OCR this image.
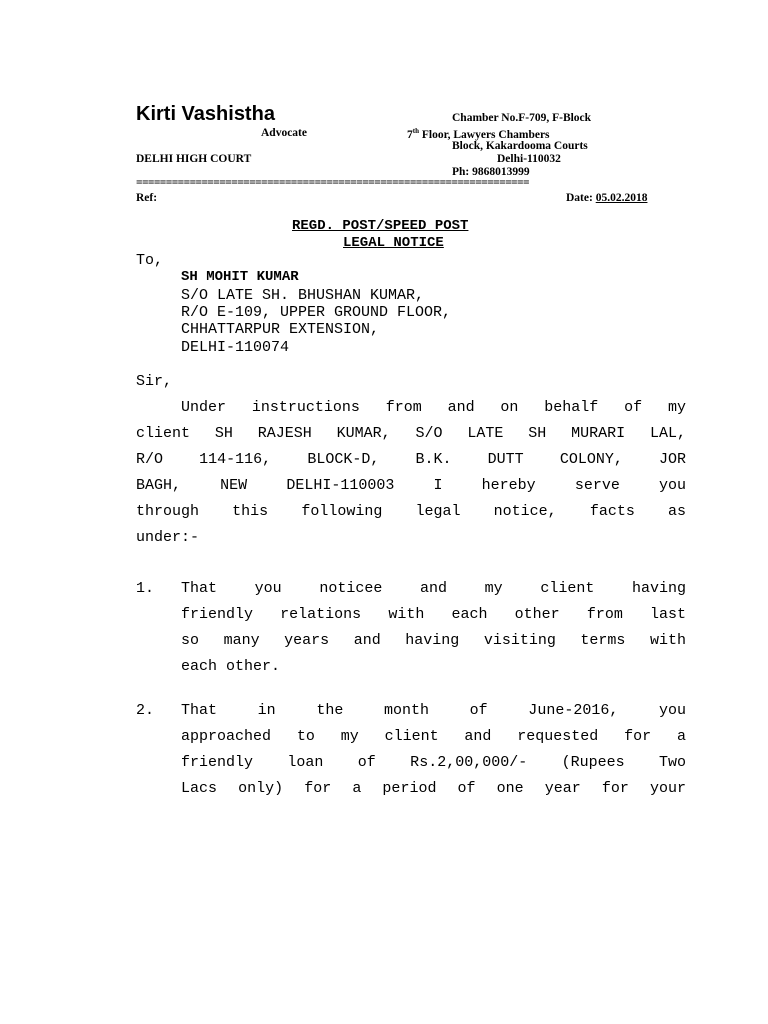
Kirti Vashistha
Advocate
DELHI HIGH COURT
Chamber No.F-709, F-Block
7th Floor, Lawyers Chambers
Block, Kakardooma Courts
Delhi-110032
Ph: 9868013999
==================================================================
Ref:	Date: 05.02.2018
REGD. POST/SPEED POST
LEGAL NOTICE
To,
SH MOHIT KUMAR
S/O LATE SH. BHUSHAN KUMAR,
R/O E-109, UPPER GROUND FLOOR,
CHHATTARPUR EXTENSION,
DELHI-110074
Sir,
Under instructions from and on behalf of my
client SH RAJESH KUMAR, S/O LATE SH MURARI LAL,
R/O 114-116, BLOCK-D, B.K. DUTT COLONY, JOR
BAGH, NEW DELHI-110003 I hereby serve you
through this following legal notice, facts as
under:-
1. That you noticee and my client having
friendly relations with each other from last
so many years and having visiting terms with
each other.
2. That in the month of June-2016, you
approached to my client and requested for a
friendly loan of Rs.2,00,000/- (Rupees Two
Lacs only) for a period of one year for your
